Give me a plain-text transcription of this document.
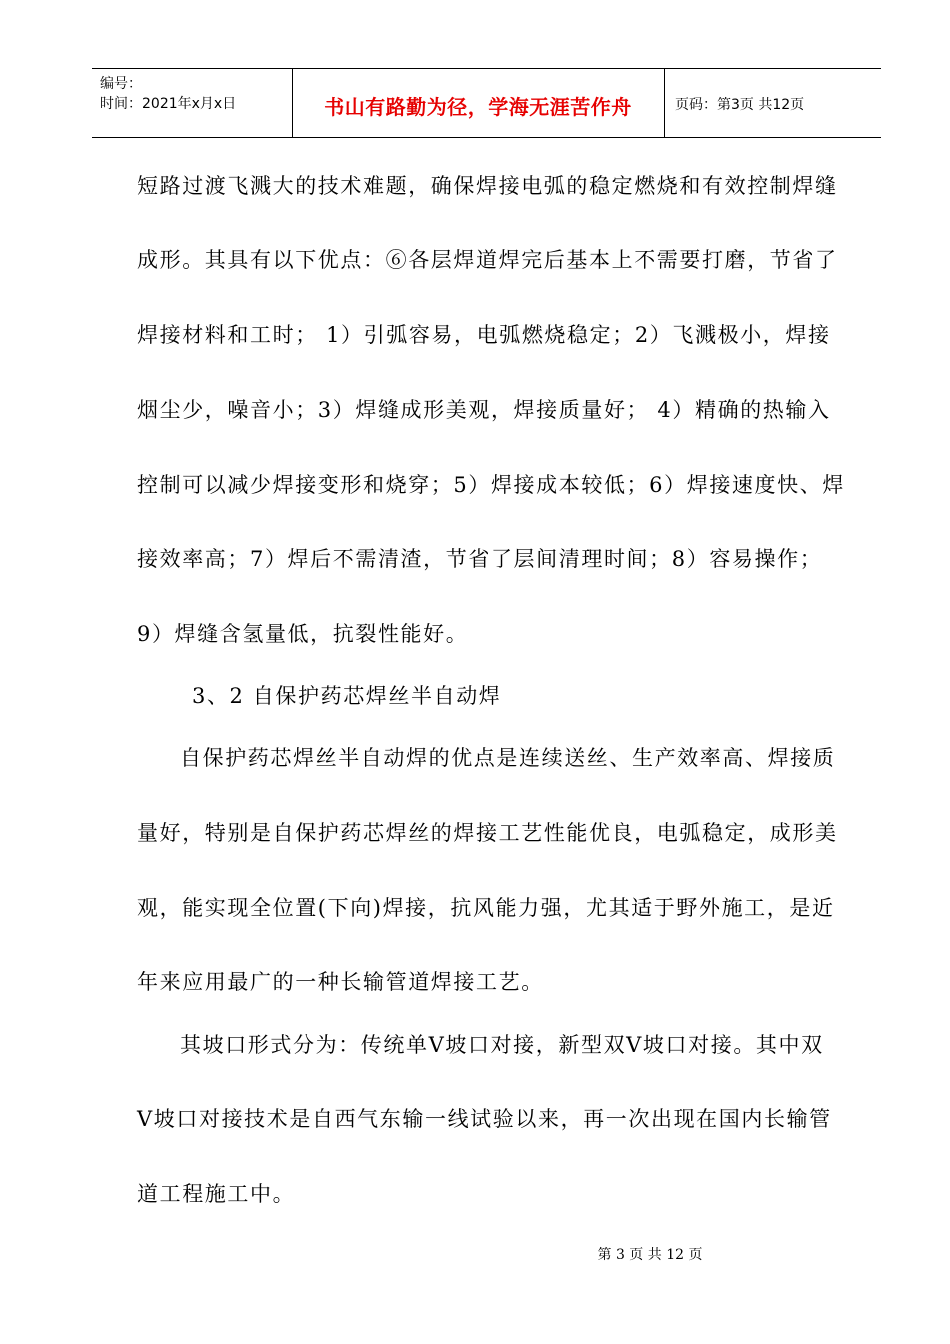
编号：
时间：2021年x月x日	书山有路勤为径，学海无涯苦作舟	页码：第3页 共12页
短路过渡飞溅大的技术难题，确保焊接电弧的稳定燃烧和有效控制焊缝
成形。其具有以下优点：⑥各层焊道焊完后基本上不需要打磨，节省了
焊接材料和工时； 1）引弧容易，电弧燃烧稳定；2）飞溅极小，焊接
烟尘少，噪音小；3）焊缝成形美观，焊接质量好； 4）精确的热输入
控制可以减少焊接变形和烧穿；5）焊接成本较低；6）焊接速度快、焊
接效率高；7）焊后不需清渣，节省了层间清理时间；8）容易操作；
9）焊缝含氢量低，抗裂性能好。
3、2 自保护药芯焊丝半自动焊
自保护药芯焊丝半自动焊的优点是连续送丝、生产效率高、焊接质
量好，特别是自保护药芯焊丝的焊接工艺性能优良，电弧稳定，成形美
观，能实现全位置(下向)焊接，抗风能力强，尤其适于野外施工，是近
年来应用最广的一种长输管道焊接工艺。
其坡口形式分为：传统单V坡口对接，新型双V坡口对接。其中双
V坡口对接技术是自西气东输一线试验以来，再一次出现在国内长输管
道工程施工中。
第 3 页 共 12 页
